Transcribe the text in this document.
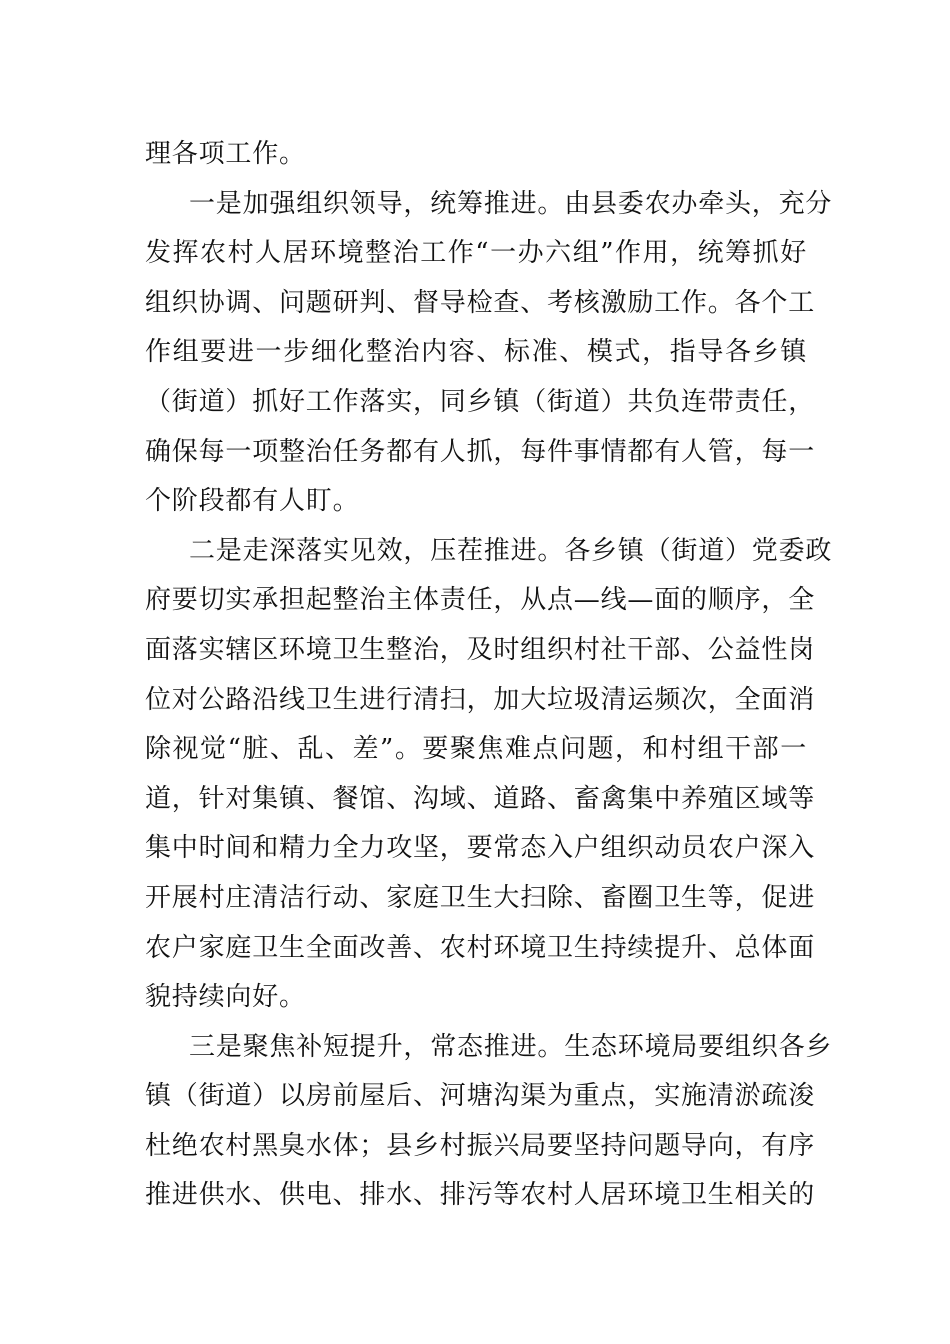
理各项工作。
一是加强组织领导，统筹推进。由县委农办牵头，充分
发挥农村人居环境整治工作“一办六组”作用，统筹抓好
组织协调、问题研判、督导检查、考核激励工作。各个工
作组要进一步细化整治内容、标准、模式，指导各乡镇
（街道）抓好工作落实，同乡镇（街道）共负连带责任，
确保每一项整治任务都有人抓，每件事情都有人管，每一
个阶段都有人盯。
二是走深落实见效，压茬推进。各乡镇（街道）党委政
府要切实承担起整治主体责任，从点—线—面的顺序，全
面落实辖区环境卫生整治，及时组织村社干部、公益性岗
位对公路沿线卫生进行清扫，加大垃圾清运频次，全面消
除视觉“脏、乱、差”。要聚焦难点问题，和村组干部一
道，针对集镇、餐馆、沟域、道路、畜禽集中养殖区域等
集中时间和精力全力攻坚，要常态入户组织动员农户深入
开展村庄清洁行动、家庭卫生大扫除、畜圈卫生等，促进
农户家庭卫生全面改善、农村环境卫生持续提升、总体面
貌持续向好。
三是聚焦补短提升，常态推进。生态环境局要组织各乡
镇（街道）以房前屋后、河塘沟渠为重点，实施清淤疏浚
杜绝农村黑臭水体；县乡村振兴局要坚持问题导向，有序
推进供水、供电、排水、排污等农村人居环境卫生相关的
